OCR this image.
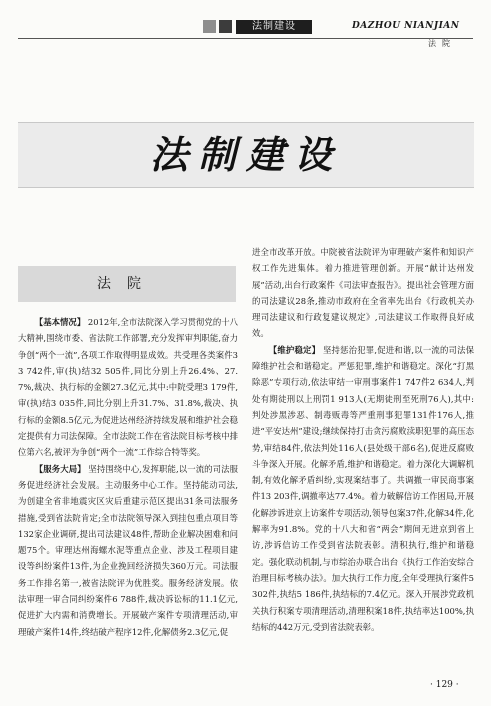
法制建设	DAZHOU NIANJIAN
法院
法制建设
法院

【基本情况】 2012年,全市法院深入学习贯彻党的十八大精神,围绕市委、省法院工作部署,充分发挥审判职能,奋力争创“两个一流”,各项工作取得明显成效。共受理各类案件33 742件,审(执)结32 505件,同比分别上升26.4%、27.7%,裁决、执行标的金额27.3亿元,其中:中院受理3 179件,审(执)结3 035件,同比分别上升31.7%、31.8%,裁决、执行标的金额8.5亿元,为促进达州经济持续发展和维护社会稳定提供有力司法保障。全市法院工作在省法院目标考核中排位第六名,被评为争创“两个一流”工作综合特等奖。

【服务大局】 坚持围绕中心,发挥职能,以一流的司法服务促进经济社会发展。主动服务中心工作。坚持能动司法,为创建全省非地震灾区灾后重建示范区提出31条司法服务措施,受到省法院肯定;全市法院领导深入到挂包重点项目等132家企业调研,提出司法建议48件,帮助企业解决困难和问题75个。审理达州海螺水泥等重点企业、涉及工程项目建设等纠纷案件13件,为企业挽回经济损失360万元。司法服务工作排名第一,被省法院评为优胜奖。服务经济发展。依法审理一审合同纠纷案件6 788件,裁决诉讼标的11.1亿元,促进扩大内需和消费增长。开展破产案件专项清理活动,审理破产案件14件,终结破产程序12件,化解债务2.3亿元,促

进全市改革开放。中院被省法院评为审理破产案件和知识产权工作先进集体。着力推进管理创新。开展“献计达州发展”活动,出台行政案件《司法审查报告》。提出社会管理方面的司法建议28条,推动市政府在全省率先出台《行政机关办理司法建议和行政复建议规定》,司法建议工作取得良好成效。

【维护稳定】 坚持惩治犯罪,促进和谐,以一流的司法保障维护社会和谐稳定。严惩犯罪,维护和谐稳定。深化“打黑除恶”专项行动,依法审结一审刑事案件1 747件2 634人,判处有期徒刑以上刑罚1 913人(无期徒刑至死刑76人),其中:判处涉黑涉恶、制毒贩毒等严重刑事犯罪131件176人,推进“平安达州”建设;继续保持打击贪污腐败渎职犯罪的高压态势,审结84件,依法判处116人(县处级干部6名),促进反腐败斗争深入开展。化解矛盾,维护和谐稳定。着力深化大调解机制,有效化解矛盾纠纷,实现案结事了。共调撤一审民商事案件13 203件,调撤率达77.4%。着力破解信访工作困局,开展化解涉诉进京上访案件专项活动,领导包案37件,化解34件,化解率为91.8%。党的十八大和省“两会”期间无进京到省上访,涉诉信访工作受到省法院表彰。清积执行,维护和谐稳定。强化联动机制,与市综治办联合出台《执行工作治安综合治理目标考核办法》。加大执行工作力度,全年受理执行案件5 302件,执结5 186件,执结标的7.4亿元。深入开展涉党政机关执行积案专项清理活动,清理积案18件,执结率达100%,执结标的442万元,受到省法院表彰。

· 129 ·
